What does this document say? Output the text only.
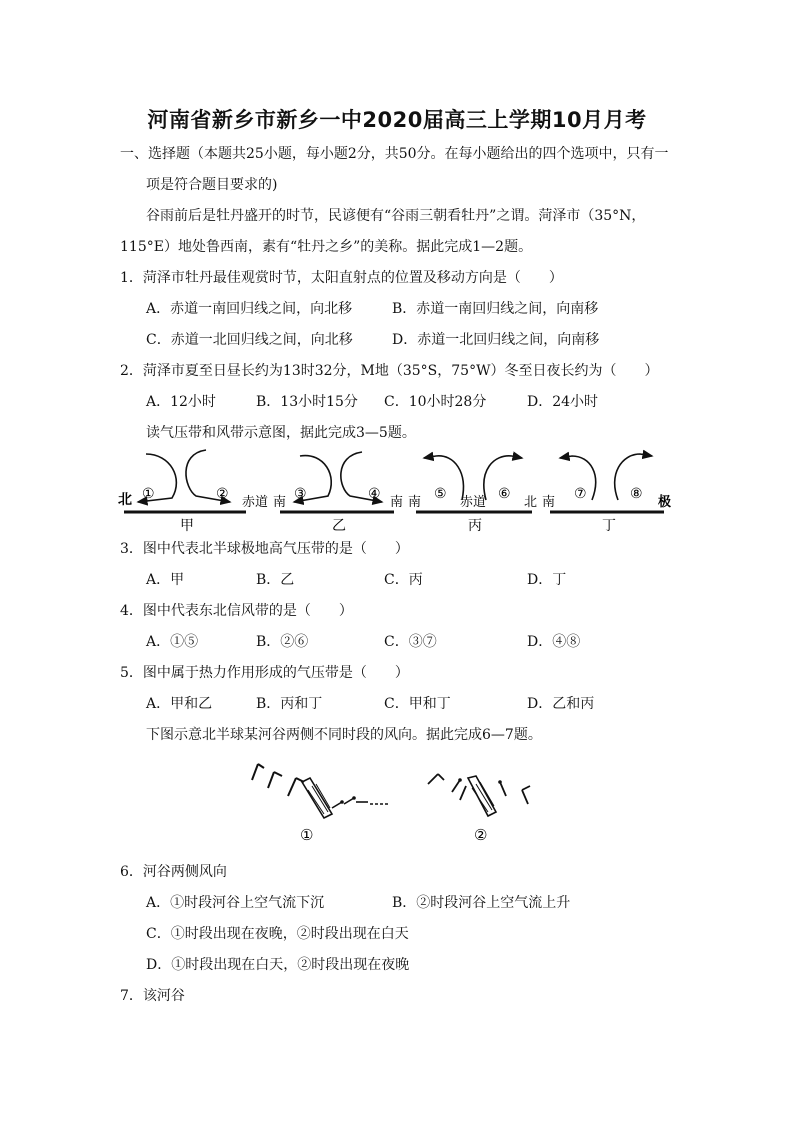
河南省新乡市新乡一中2020届高三上学期10月月考
一、选择题（本题共25小题，每小题2分，共50分。在每小题给出的四个选项中，只有一
项是符合题目要求的)
谷雨前后是牡丹盛开的时节，民谚便有“谷雨三朝看牡丹”之谓。菏泽市（35°N，
115°E）地处鲁西南，素有“牡丹之乡”的美称。据此完成1—2题。
1．菏泽市牡丹最佳观赏时节，太阳直射点的位置及移动方向是（　　）
A．赤道一南回归线之间，向北移	B．赤道一南回归线之间，向南移
C．赤道一北回归线之间，向北移	D．赤道一北回归线之间，向南移
2．菏泽市夏至日昼长约为13时32分，M地（35°S，75°W）冬至日夜长约为（　　）
A．12小时	B．13小时15分 C．10小时28分	D．24小时
读气压带和风带示意图，据此完成3—5题。
北	赤道
①	②
甲
南	南
③	④
乙
南	赤道	北
⑤	⑥
丙
南	极
⑦	⑧
丁
3．图中代表北半球极地高气压带的是（　　）
A．甲	B．乙	C．丙	D．丁
4．图中代表东北信风带的是（　　）
A．①⑤	B．②⑥	C．③⑦	D．④⑧
5．图中属于热力作用形成的气压带是（　　）
A．甲和乙	B．丙和丁	C．甲和丁	D．乙和丙
下图示意北半球某河谷两侧不同时段的风向。据此完成6—7题。
①	②
6．河谷两侧风向
A．①时段河谷上空气流下沉	B．②时段河谷上空气流上升
C．①时段出现在夜晚，②时段出现在白天
D．①时段出现在白天，②时段出现在夜晚
7．该河谷
